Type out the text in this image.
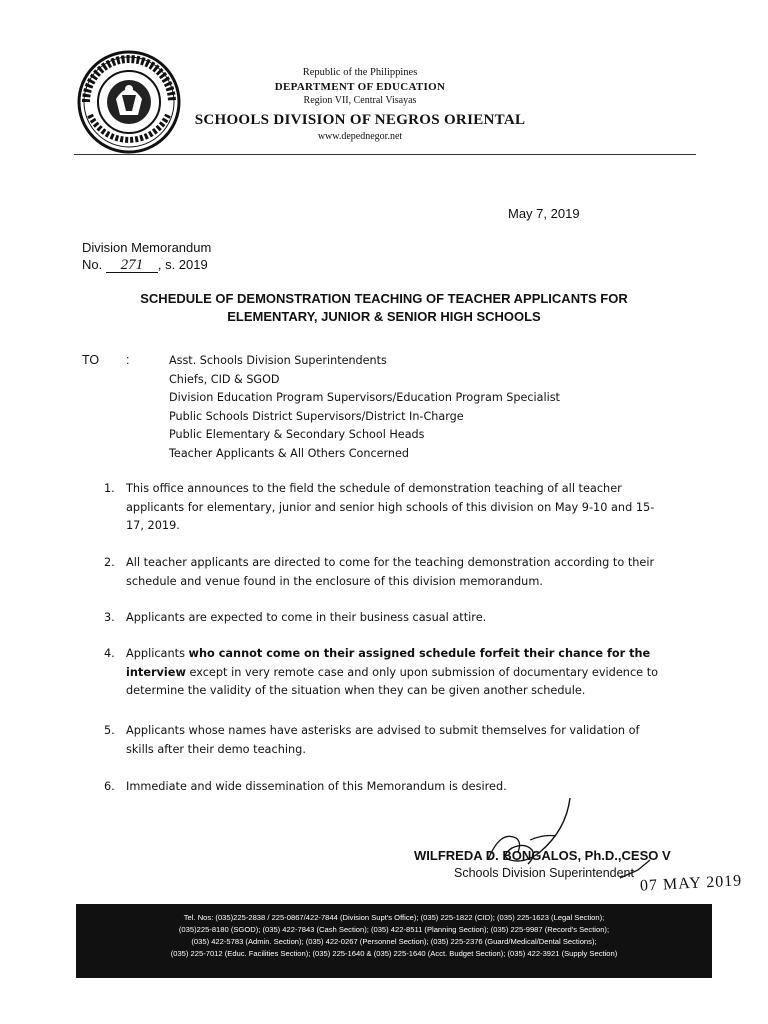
Republic of the Philippines
DEPARTMENT OF EDUCATION
Region VII, Central Visayas
SCHOOLS DIVISION OF NEGROS ORIENTAL
www.depednegor.net
May 7, 2019
Division Memorandum
No. 271 , s. 2019
SCHEDULE OF DEMONSTRATION TEACHING OF TEACHER APPLICANTS FOR
ELEMENTARY, JUNIOR & SENIOR HIGH SCHOOLS
TO :	Asst. Schools Division Superintendents
Chiefs, CID & SGOD
Division Education Program Supervisors/Education Program Specialist
Public Schools District Supervisors/District In-Charge
Public Elementary & Secondary School Heads
Teacher Applicants & All Others Concerned
1. This office announces to the field the schedule of demonstration teaching of all teacher applicants for elementary, junior and senior high schools of this division on May 9-10 and 15-17, 2019.
2. All teacher applicants are directed to come for the teaching demonstration according to their schedule and venue found in the enclosure of this division memorandum.
3. Applicants are expected to come in their business casual attire.
4. Applicants who cannot come on their assigned schedule forfeit their chance for the interview except in very remote case and only upon submission of documentary evidence to determine the validity of the situation when they can be given another schedule.
5. Applicants whose names have asterisks are advised to submit themselves for validation of skills after their demo teaching.
6. Immediate and wide dissemination of this Memorandum is desired.
WILFREDA D. BONGALOS, Ph.D.,CESO V
Schools Division Superintendent 07 MAY 2019
Tel. Nos: (035)225-2838 / 225-0867/422-7844 (Division Supt's Office); (035) 225-1822 (CID); (035) 225-1623 (Legal Section);
(035)225-8180 (SGOD); (035) 422-7843 (Cash Section); (035) 422-8511 (Planning Section); (035) 225-9987 (Record's Section);
(035) 422-5783 (Admin. Section); (035) 422-0267 (Personnel Section); (035) 225-2376 (Guard/Medical/Dental Sections);
(035) 225-7012 (Educ. Facilities Section); (035) 225-1640 & (035) 225-1640 (Acct. Budget Section); (035) 422-3921 (Supply Section)
